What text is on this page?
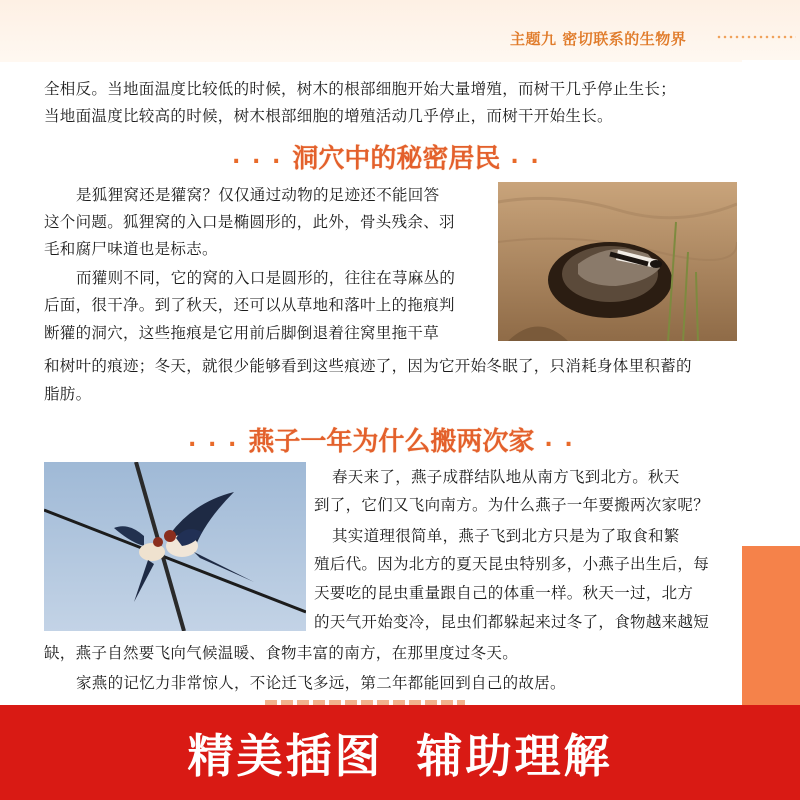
主题九 密切联系的生物界

全相反。当地面温度比较低的时候，树木的根部细胞开始大量增殖，而树干几乎停止生长；

当地面温度比较高的时候，树木根部细胞的增殖活动几乎停止，而树干开始生长。

. . . 洞穴中的秘密居民 . .

是狐狸窝还是獾窝？仅仅通过动物的足迹还不能回答

这个问题。狐狸窝的入口是椭圆形的，此外，骨头残余、羽

毛和腐尸味道也是标志。

而獾则不同，它的窝的入口是圆形的，往往在荨麻丛的

后面，很干净。到了秋天，还可以从草地和落叶上的拖痕判

断獾的洞穴，这些拖痕是它用前后脚倒退着往窝里拖干草

和树叶的痕迹；冬天，就很少能够看到这些痕迹了，因为它开始冬眠了，只消耗身体里积蓄的

脂肪。

. . . 燕子一年为什么搬两次家 . .

春天来了，燕子成群结队地从南方飞到北方。秋天

到了，它们又飞向南方。为什么燕子一年要搬两次家呢？

其实道理很简单，燕子飞到北方只是为了取食和繁

殖后代。因为北方的夏天昆虫特别多，小燕子出生后，每

天要吃的昆虫重量跟自己的体重一样。秋天一过，北方

的天气开始变冷，昆虫们都躲起来过冬了，食物越来越短

缺，燕子自然要飞向气候温暖、食物丰富的南方，在那里度过冬天。

家燕的记忆力非常惊人，不论迁飞多远，第二年都能回到自己的故居。

精美插图 辅助理解
